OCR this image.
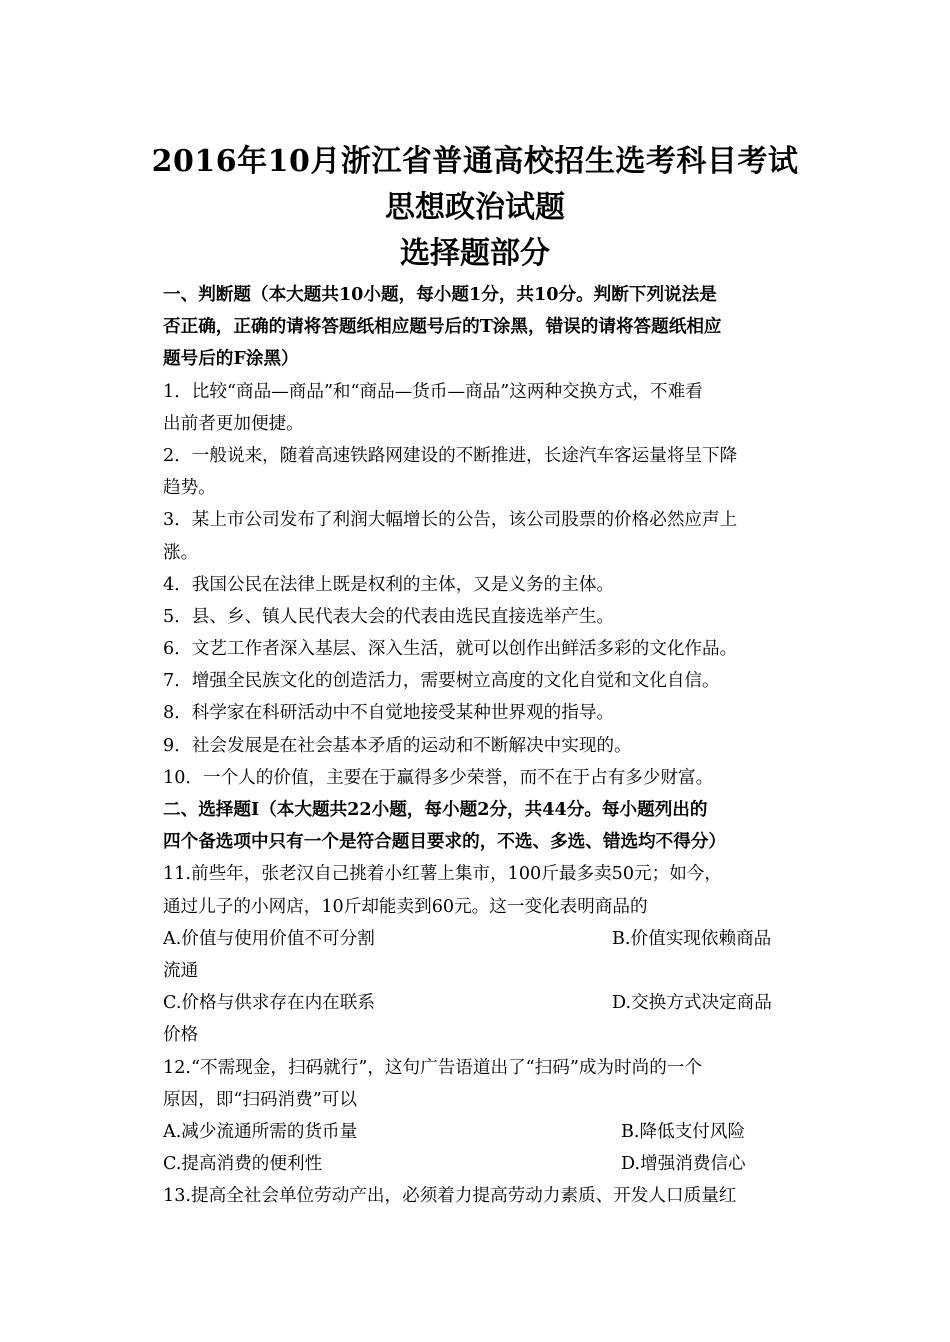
2016年10月浙江省普通高校招生选考科目考试
思想政治试题
选择题部分
一、判断题（本大题共10小题，每小题1分，共10分。判断下列说法是
否正确，正确的请将答题纸相应题号后的T涂黑，错误的请将答题纸相应
题号后的F涂黑）
1．比较“商品—商品”和“商品—货币—商品”这两种交换方式，不难看
出前者更加便捷。
2．一般说来，随着高速铁路网建设的不断推进，长途汽车客运量将呈下降
趋势。
3．某上市公司发布了利润大幅增长的公告，该公司股票的价格必然应声上
涨。
4．我国公民在法律上既是权利的主体，又是义务的主体。
5．县、乡、镇人民代表大会的代表由选民直接选举产生。
6．文艺工作者深入基层、深入生活，就可以创作出鲜活多彩的文化作品。
7．增强全民族文化的创造活力，需要树立高度的文化自觉和文化自信。
8．科学家在科研活动中不自觉地接受某种世界观的指导。
9．社会发展是在社会基本矛盾的运动和不断解决中实现的。
10．一个人的价值，主要在于赢得多少荣誉，而不在于占有多少财富。
二、选择题Ⅰ（本大题共22小题，每小题2分，共44分。每小题列出的
四个备选项中只有一个是符合题目要求的，不选、多选、错选均不得分）
11.前些年，张老汉自己挑着小红薯上集市，100斤最多卖50元；如今，
通过儿子的小网店，10斤却能卖到60元。这一变化表明商品的
A.价值与使用价值不可分割	B.价值实现依赖商品
流通
C.价格与供求存在内在联系	D.交换方式决定商品
价格
12.“不需现金，扫码就行”，这句广告语道出了“扫码”成为时尚的一个
原因，即“扫码消费”可以
A.减少流通所需的货币量	B.降低支付风险
C.提高消费的便利性	D.增强消费信心
13.提高全社会单位劳动产出，必须着力提高劳动力素质、开发人口质量红
